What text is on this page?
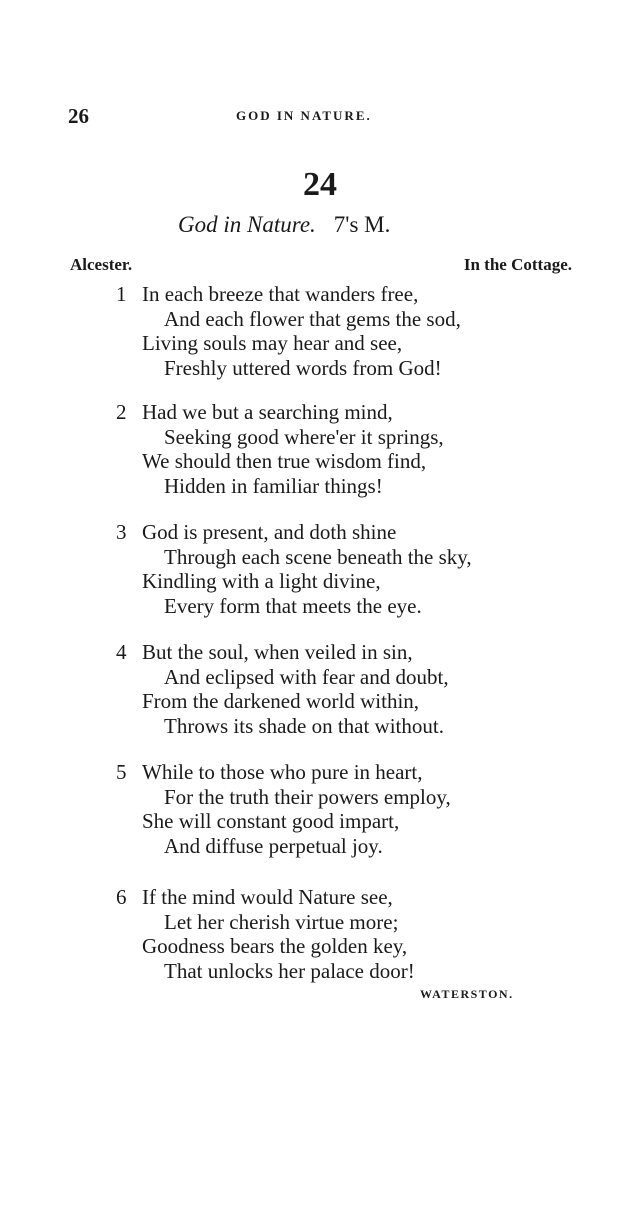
26	GOD IN NATURE.
24
God in Nature. 7's M.
Alcester.	In the Cottage.
1 In each breeze that wanders free,
And each flower that gems the sod,
Living souls may hear and see,
Freshly uttered words from God!
2 Had we but a searching mind,
Seeking good where'er it springs,
We should then true wisdom find,
Hidden in familiar things!
3 God is present, and doth shine
Through each scene beneath the sky,
Kindling with a light divine,
Every form that meets the eye.
4 But the soul, when veiled in sin,
And eclipsed with fear and doubt,
From the darkened world within,
Throws its shade on that without.
5 While to those who pure in heart,
For the truth their powers employ,
She will constant good impart,
And diffuse perpetual joy.
6 If the mind would Nature see,
Let her cherish virtue more;
Goodness bears the golden key,
That unlocks her palace door!
WATERSTON.
